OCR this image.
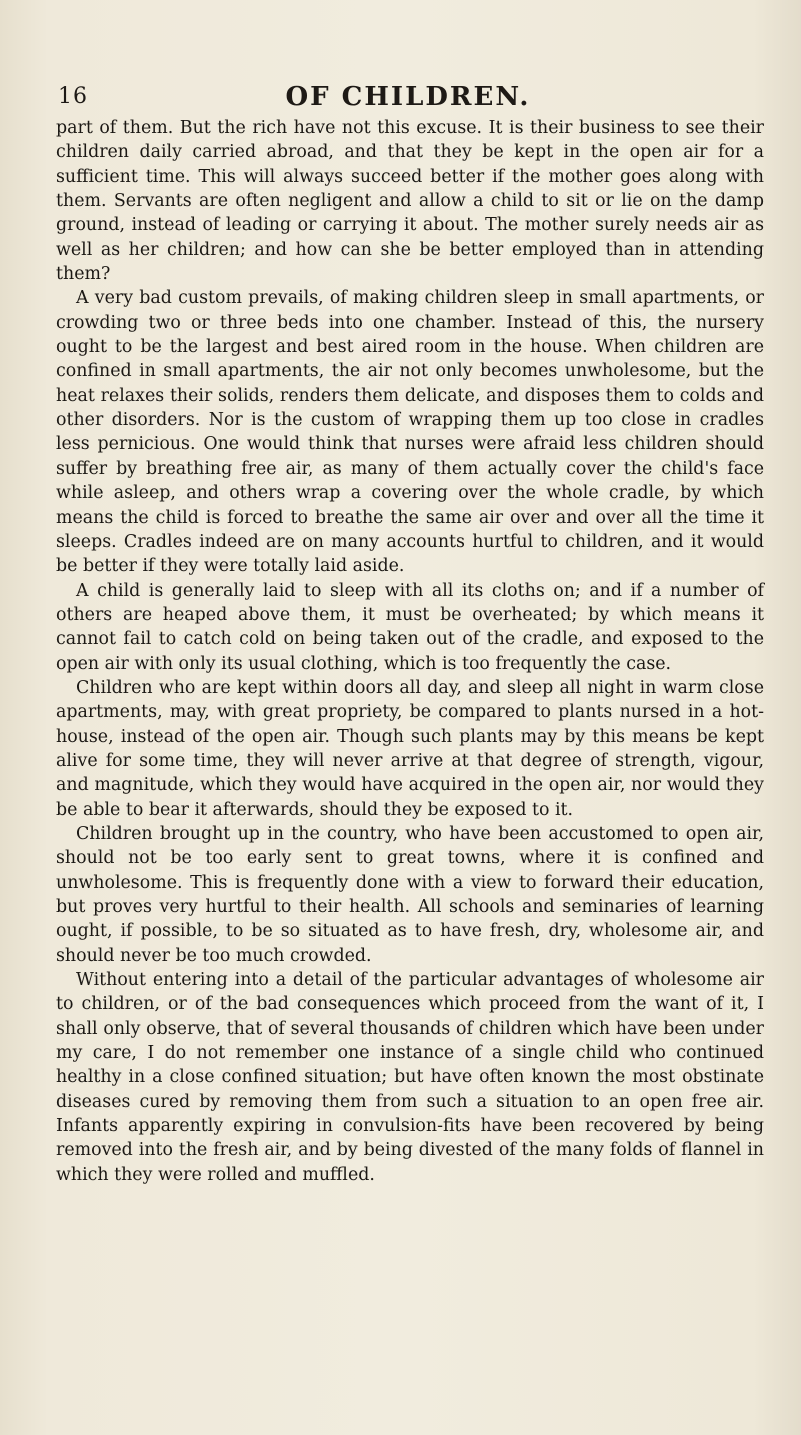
16	OF CHILDREN.

part of them. But the rich have not this excuse. It is their business to see their children daily carried abroad, and that they be kept in the open air for a sufficient time. This will always succeed better if the mother goes along with them. Servants are often negligent and allow a child to sit or lie on the damp ground, instead of leading or carrying it about. The mother surely needs air as well as her children; and how can she be better employed than in attending them?

A very bad custom prevails, of making children sleep in small apartments, or crowding two or three beds into one chamber. Instead of this, the nursery ought to be the largest and best aired room in the house. When children are confined in small apartments, the air not only becomes unwholesome, but the heat relaxes their solids, renders them delicate, and disposes them to colds and other disorders. Nor is the custom of wrapping them up too close in cradles less pernicious. One would think that nurses were afraid less children should suffer by breathing free air, as many of them actually cover the child's face while asleep, and others wrap a covering over the whole cradle, by which means the child is forced to breathe the same air over and over all the time it sleeps. Cradles indeed are on many accounts hurtful to children, and it would be better if they were totally laid aside.

A child is generally laid to sleep with all its cloths on; and if a number of others are heaped above them, it must be overheated; by which means it cannot fail to catch cold on being taken out of the cradle, and exposed to the open air with only its usual clothing, which is too frequently the case.

Children who are kept within doors all day, and sleep all night in warm close apartments, may, with great propriety, be compared to plants nursed in a hot-house, instead of the open air. Though such plants may by this means be kept alive for some time, they will never arrive at that degree of strength, vigour, and magnitude, which they would have acquired in the open air, nor would they be able to bear it afterwards, should they be exposed to it.

Children brought up in the country, who have been accustomed to open air, should not be too early sent to great towns, where it is confined and unwholesome. This is frequently done with a view to forward their education, but proves very hurtful to their health. All schools and seminaries of learning ought, if possible, to be so situated as to have fresh, dry, wholesome air, and should never be too much crowded.

Without entering into a detail of the particular advantages of wholesome air to children, or of the bad consequences which proceed from the want of it, I shall only observe, that of several thousands of children which have been under my care, I do not remember one instance of a single child who continued healthy in a close confined situation; but have often known the most obstinate diseases cured by removing them from such a situation to an open free air. Infants apparently expiring in convulsion-fits have been recovered by being removed into the fresh air, and by being divested of the many folds of flannel in which they were rolled and muffled.
